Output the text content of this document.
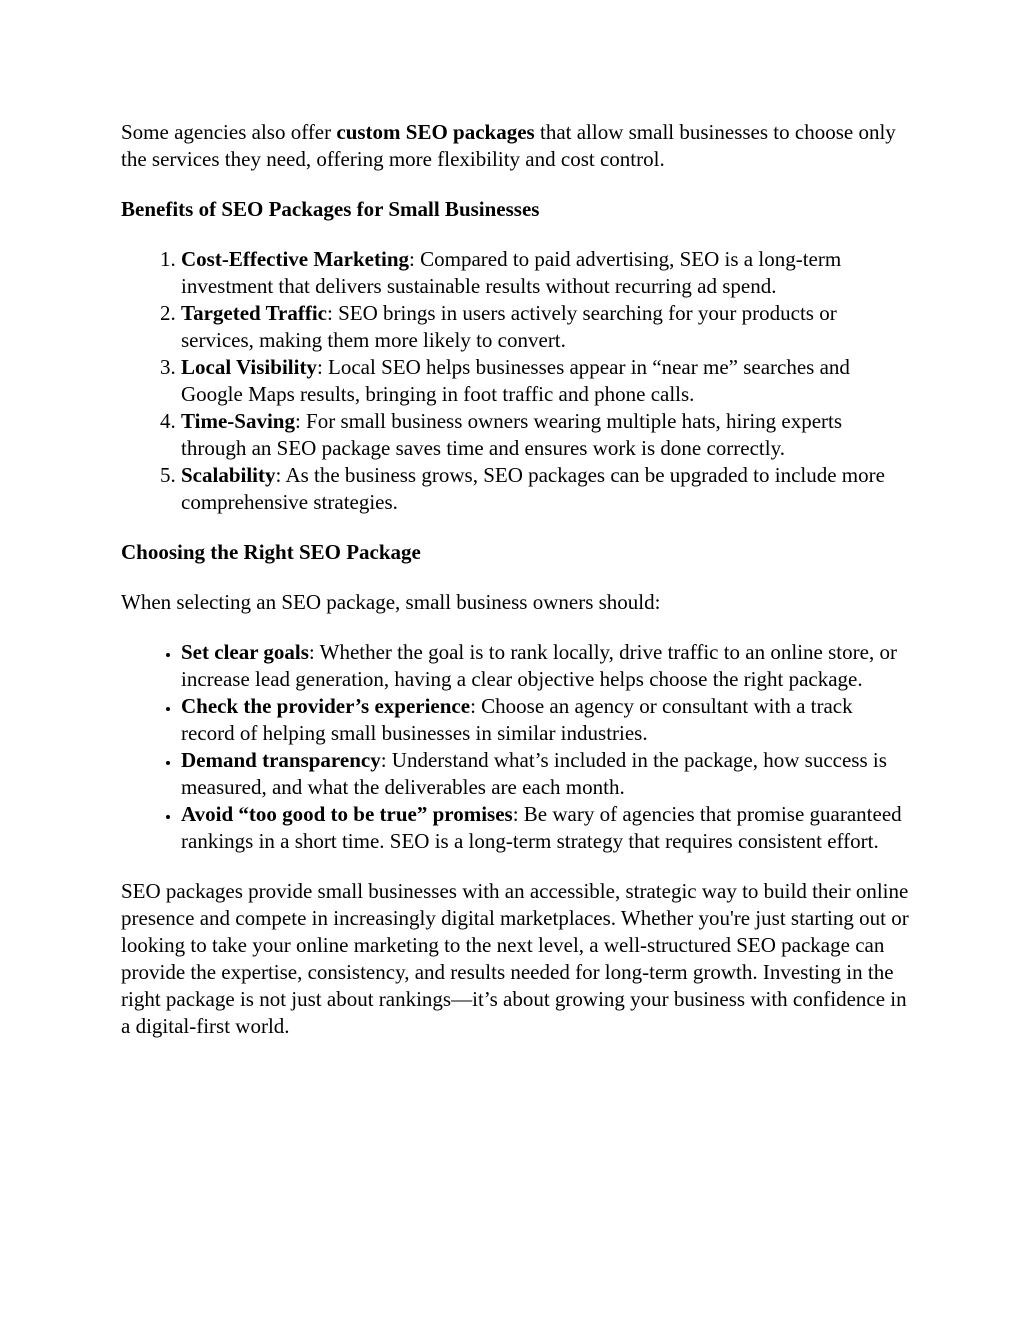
Some agencies also offer custom SEO packages that allow small businesses to choose only the services they need, offering more flexibility and cost control.

Benefits of SEO Packages for Small Businesses
1. Cost-Effective Marketing: Compared to paid advertising, SEO is a long-term investment that delivers sustainable results without recurring ad spend.
2. Targeted Traffic: SEO brings in users actively searching for your products or services, making them more likely to convert.
3. Local Visibility: Local SEO helps businesses appear in “near me” searches and Google Maps results, bringing in foot traffic and phone calls.
4. Time-Saving: For small business owners wearing multiple hats, hiring experts through an SEO package saves time and ensures work is done correctly.
5. Scalability: As the business grows, SEO packages can be upgraded to include more comprehensive strategies.
Choosing the Right SEO Package

When selecting an SEO package, small business owners should:

• Set clear goals: Whether the goal is to rank locally, drive traffic to an online store, or increase lead generation, having a clear objective helps choose the right package.
• Check the provider’s experience: Choose an agency or consultant with a track record of helping small businesses in similar industries.
• Demand transparency: Understand what’s included in the package, how success is measured, and what the deliverables are each month.
• Avoid “too good to be true” promises: Be wary of agencies that promise guaranteed rankings in a short time. SEO is a long-term strategy that requires consistent effort.

SEO packages provide small businesses with an accessible, strategic way to build their online presence and compete in increasingly digital marketplaces. Whether you're just starting out or looking to take your online marketing to the next level, a well-structured SEO package can provide the expertise, consistency, and results needed for long-term growth. Investing in the right package is not just about rankings—it’s about growing your business with confidence in a digital-first world.
